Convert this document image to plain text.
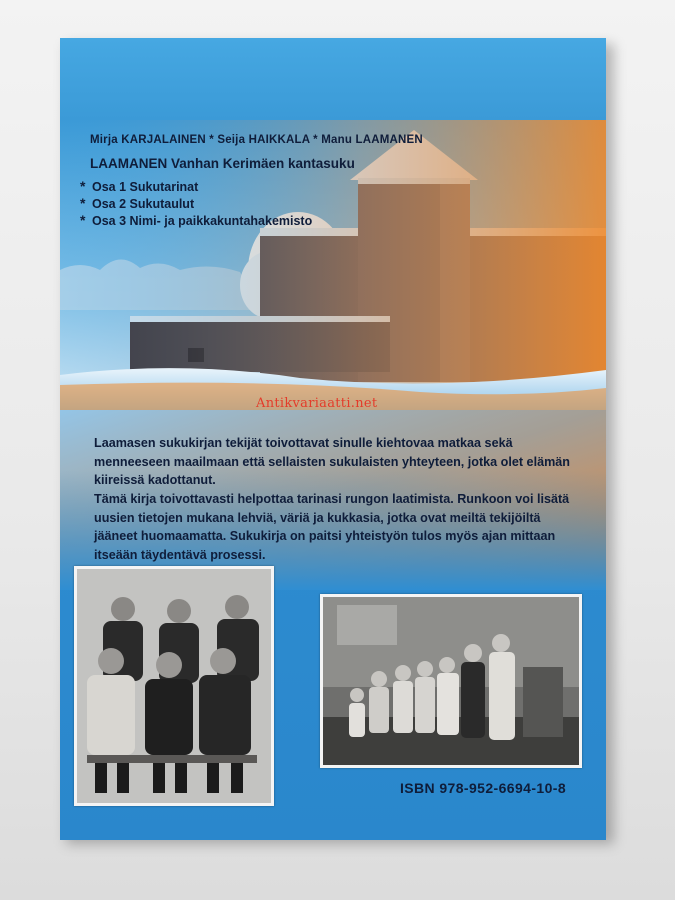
Mirja KARJALAINEN * Seija HAIKKALA * Manu LAAMANEN
LAAMANEN Vanhan Kerimäen kantasuku
* Osa 1 Sukutarinat
* Osa 2 Sukutaulut
* Osa 3 Nimi- ja paikkakuntahakemisto
Antikvariaatti.net

Laamasen sukukirjan tekijät toivottavat sinulle kiehtovaa matkaa sekä menneeseen maailmaan että sellaisten sukulaisten yhteyteen, jotka olet elämän kiireissä kadottanut.

Tämä kirja toivottavasti helpottaa tarinasi rungon laatimista. Runkoon voi lisätä uusien tietojen mukana lehviä, väriä ja kukkasia, jotka ovat meiltä tekijöiltä jääneet huomaamatta. Sukukirja on paitsi yhteistyön tulos myös ajan mittaan itseään täydentävä prosessi.

ISBN 978-952-6694-10-8
